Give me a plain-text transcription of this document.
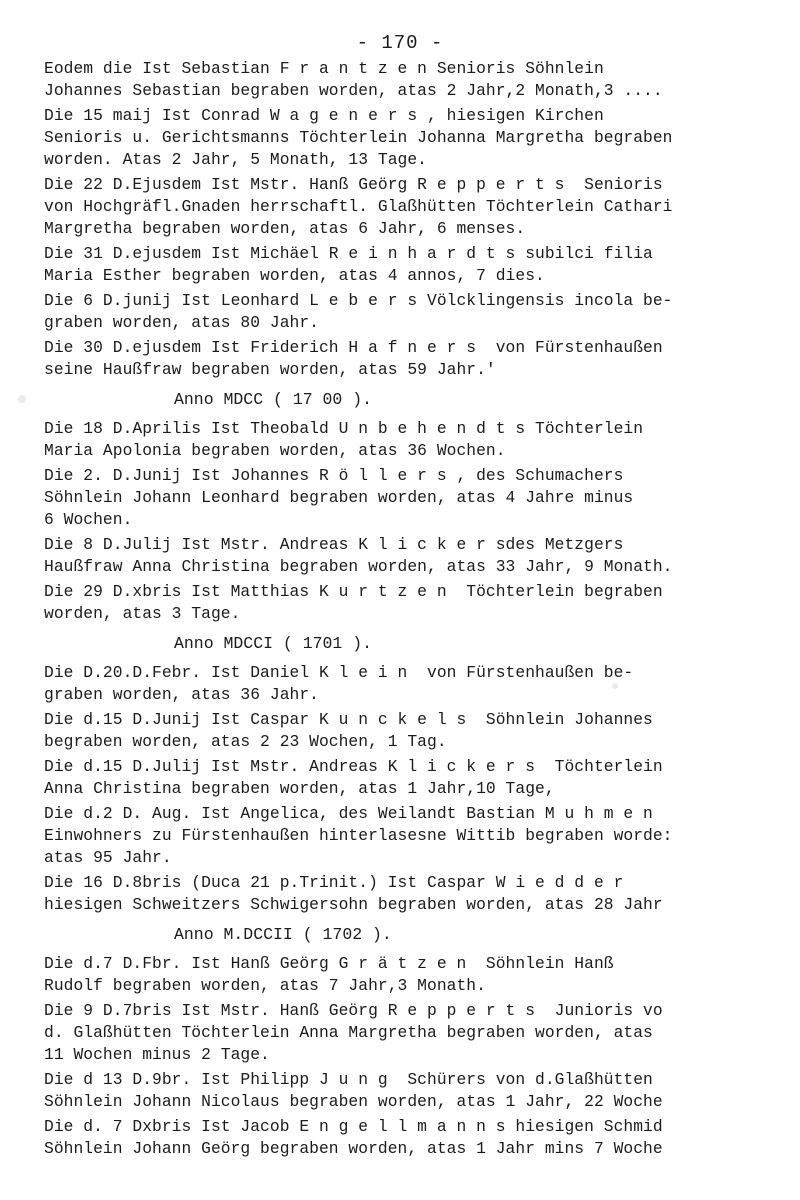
- 170 -
Eodem die Ist Sebastian F r a n t z e n Senioris Söhnlein
Johannes Sebastian begraben worden, atas 2 Jahr,2 Monath,3 ....
Die 15 maij Ist Conrad W a g e n e r s , hiesigen Kirchen
Senioris u. Gerichtsmanns Töchterlein Johanna Margretha begraben
worden. Atas 2 Jahr, 5 Monath, 13 Tage.
Die 22 D.Ejusdem Ist Mstr. Hanß Geörg R e p p e r t s  Senioris
von Hochgräfl.Gnaden herrschaftl. Glaßhütten Töchterlein Cathari
Margretha begraben worden, atas 6 Jahr, 6 menses.
Die 31 D.ejusdem Ist Michäel R e i n h a r d t s subilci filia
Maria Esther begraben worden, atas 4 annos, 7 dies.
Die 6 D.junij Ist Leonhard L e b e r s Völcklingensis incola be-
graben worden, atas 80 Jahr.
Die 30 D.ejusdem Ist Friderich H a f n e r s  von Fürstenhaußen
seine Haußfraw begraben worden, atas 59 Jahr.'
Anno MDCC ( 17 00 ).
Die 18 D.Aprilis Ist Theobald U n b e h e n d t s Töchterlein
Maria Apolonia begraben worden, atas 36 Wochen.
Die 2. D.Junij Ist Johannes R ö l l e r s , des Schumachers
Söhnlein Johann Leonhard begraben worden, atas 4 Jahre minus
6 Wochen.
Die 8 D.Julij Ist Mstr. Andreas K l i c k e r sdes Metzgers
Haußfraw Anna Christina begraben worden, atas 33 Jahr, 9 Monath.
Die 29 D.xbris Ist Matthias K u r t z e n  Töchterlein begraben
worden, atas 3 Tage.
Anno MDCCI ( 1701 ).
Die D.20.D.Febr. Ist Daniel K l e i n  von Fürstenhaußen be-
graben worden, atas 36 Jahr.
Die d.15 D.Junij Ist Caspar K u n c k e l s  Söhnlein Johannes
begraben worden, atas 2 23 Wochen, 1 Tag.
Die d.15 D.Julij Ist Mstr. Andreas K l i c k e r s  Töchterlein
Anna Christina begraben worden, atas 1 Jahr,10 Tage,
Die d.2 D. Aug. Ist Angelica, des Weilandt Bastian M u h m e n
Einwohners zu Fürstenhaußen hinterlasesne Wittib begraben worde:
atas 95 Jahr.
Die 16 D.8bris (Duca 21 p.Trinit.) Ist Caspar W i e d d e r
hiesigen Schweitzers Schwigersohn begraben worden, atas 28 Jahr
Anno M.DCCII ( 1702 ).
Die d.7 D.Fbr. Ist Hanß Geörg G r ä t z e n  Söhnlein Hanß
Rudolf begraben worden, atas 7 Jahr,3 Monath.
Die 9 D.7bris Ist Mstr. Hanß Geörg R e p p e r t s  Junioris vo
d. Glaßhütten Töchterlein Anna Margretha begraben worden, atas
11 Wochen minus 2 Tage.
Die d 13 D.9br. Ist Philipp J u n g  Schürers von d.Glaßhütten
Söhnlein Johann Nicolaus begraben worden, atas 1 Jahr, 22 Woche
Die d. 7 Dxbris Ist Jacob E n g e l l m a n n s hiesigen Schmid
Söhnlein Johann Geörg begraben worden, atas 1 Jahr mins 7 Woche
